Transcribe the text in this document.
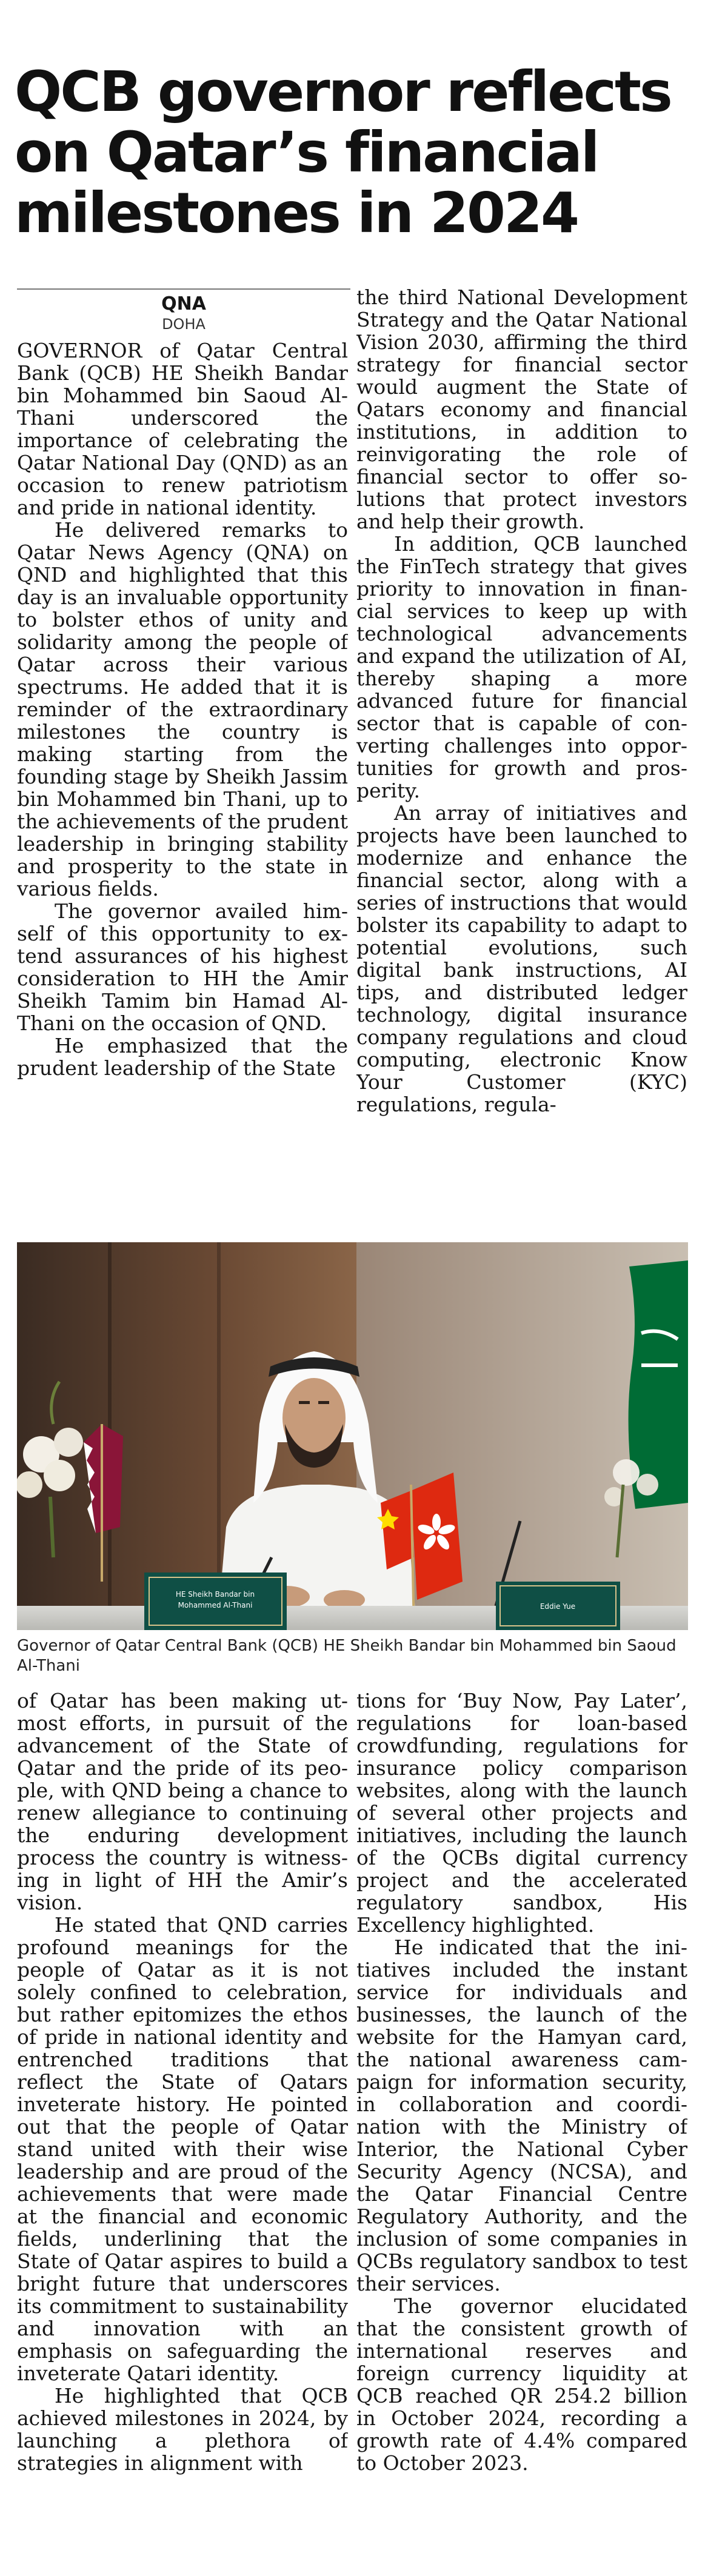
QCB governor reflects
on Qatar’s financial
milestones in 2024
QNA
DOHA

GOVERNOR of Qatar Central Bank (QCB) HE Sheikh Bandar bin Mohammed bin Saoud Al-Thani underscored the importance of celebrating the Qatar National Day (QND) as an occasion to renew patriotism and pride in national identity.

He delivered remarks to Qatar News Agency (QNA) on QND and highlighted that this day is an invaluable opportunity to bolster ethos of unity and solidarity among the people of Qatar across their various spectrums. He added that it is reminder of the extraordinary milestones the country is making starting from the founding stage by Sheikh Jassim bin Mohammed bin Thani, up to the achievements of the prudent leadership in bringing stability and prosperity to the state in various fields.

The governor availed himself of this opportunity to extend assurances of his highest consideration to HH the Amir Sheikh Tamim bin Hamad Al-Thani on the occasion of QND.

He emphasized that the prudent leadership of the State

the third National Development Strategy and the Qatar National Vision 2030, affirming the third strategy for financial sector would augment the State of Qatars economy and financial institutions, in addition to reinvigorating the role of financial sector to offer solutions that protect investors and help their growth.

In addition, QCB launched the FinTech strategy that gives priority to innovation in financial services to keep up with technological advancements and expand the utilization of AI, thereby shaping a more advanced future for financial sector that is capable of converting challenges into opportunities for growth and prosperity.

An array of initiatives and projects have been launched to modernize and enhance the financial sector, along with a series of instructions that would bolster its capability to adapt to potential evolutions, such digital bank instructions, AI tips, and distributed ledger technology, digital insurance company regulations and cloud computing, electronic Know Your Customer (KYC) regulations, regula-

HE Sheikh Bandar bin
Mohammed Al-Thani	Eddie Yue
Governor of Qatar Central Bank (QCB) HE Sheikh Bandar bin Mohammed bin Saoud Al-Thani

of Qatar has been making utmost efforts, in pursuit of the advancement of the State of Qatar and the pride of its people, with QND being a chance to renew allegiance to continuing the enduring development process the country is witnessing in light of HH the Amir’s vision.

He stated that QND carries profound meanings for the people of Qatar as it is not solely confined to celebration, but rather epitomizes the ethos of pride in national identity and entrenched traditions that reflect the State of Qatars inveterate history. He pointed out that the people of Qatar stand united with their wise leadership and are proud of the achievements that were made at the financial and economic fields, underlining that the State of Qatar aspires to build a bright future that underscores its commitment to sustainability and innovation with an emphasis on safeguarding the inveterate Qatari identity.

He highlighted that QCB achieved milestones in 2024, by launching a plethora of strategies in alignment with

tions for ‘Buy Now, Pay Later’, regulations for loan-based crowdfunding, regulations for insurance policy comparison websites, along with the launch of several other projects and initiatives, including the launch of the QCBs digital currency project and the accelerated regulatory sandbox, His Excellency highlighted.

He indicated that the initiatives included the instant service for individuals and businesses, the launch of the website for the Hamyan card, the national awareness campaign for information security, in collaboration and coordination with the Ministry of Interior, the National Cyber Security Agency (NCSA), and the Qatar Financial Centre Regulatory Authority, and the inclusion of some companies in QCBs regulatory sandbox to test their services.

The governor elucidated that the consistent growth of international reserves and foreign currency liquidity at QCB reached QR 254.2 billion in October 2024, recording a growth rate of 4.4% compared to October 2023.
